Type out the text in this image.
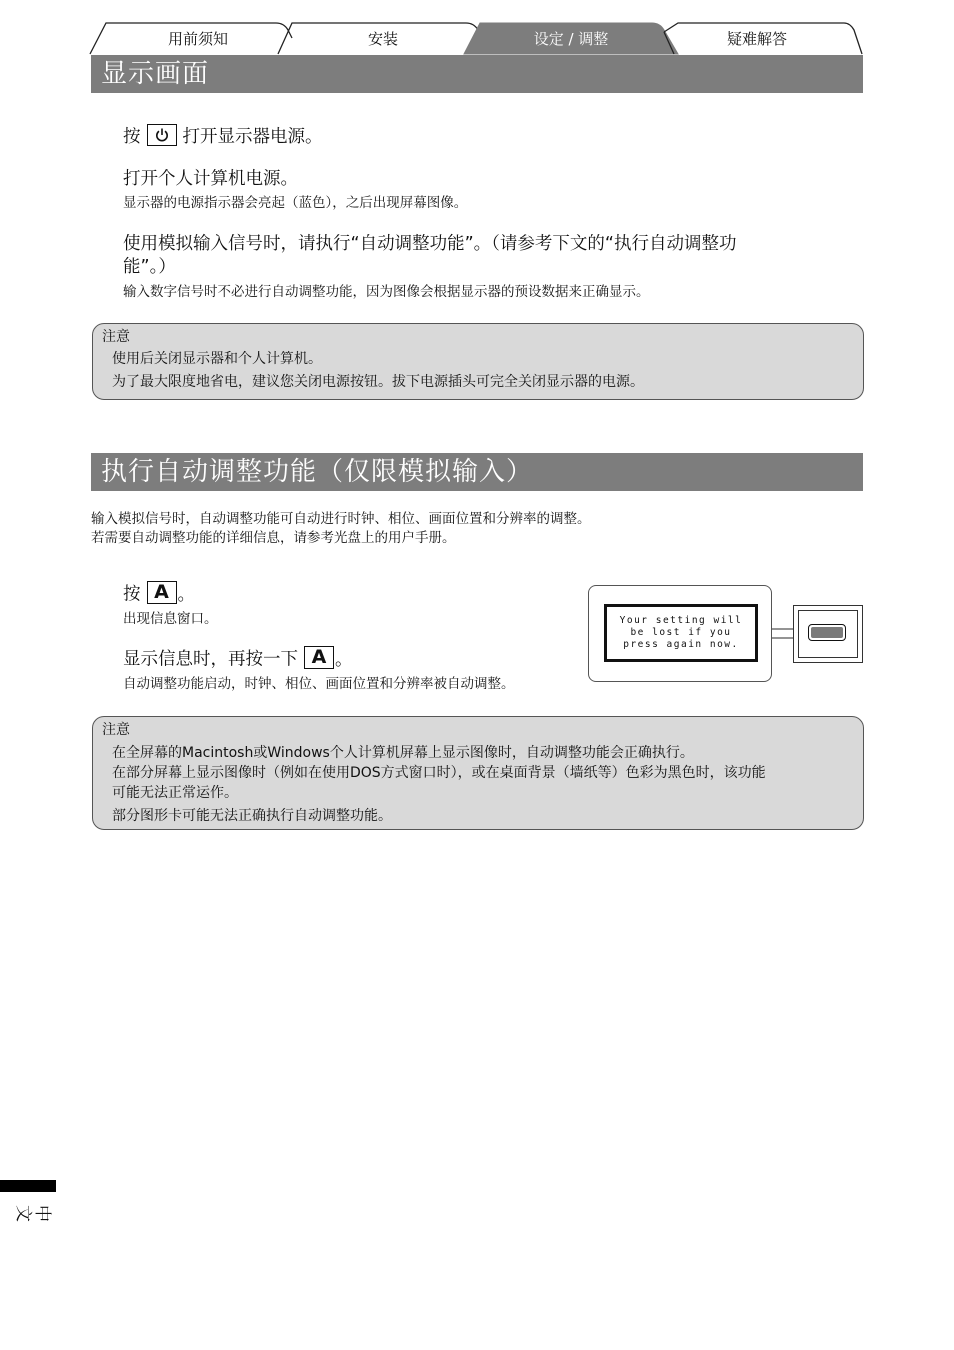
用前须知	安装	设定 / 调整	疑难解答
显示画面
按 打开显示器电源。
打开个人计算机电源。
显示器的电源指示器会亮起（蓝色），之后出现屏幕图像。
使用模拟输入信号时，请执行“自动调整功能”。（请参考下文的“执行自动调整功
能”。）
输入数字信号时不必进行自动调整功能，因为图像会根据显示器的预设数据来正确显示。
注意
使用后关闭显示器和个人计算机。
为了最大限度地省电，建议您关闭电源按钮。拔下电源插头可完全关闭显示器的电源。
执行自动调整功能（仅限模拟输入）
输入模拟信号时，自动调整功能可自动进行时钟、相位、画面位置和分辨率的调整。
若需要自动调整功能的详细信息，请参考光盘上的用户手册。
按 A 。
出现信息窗口。
显示信息时，再按一下 A 。
自动调整功能启动，时钟、相位、画面位置和分辨率被自动调整。
Your setting will
be lost if you
press again now.
注意
在全屏幕的Macintosh或Windows个人计算机屏幕上显示图像时，自动调整功能会正确执行。
在部分屏幕上显示图像时（例如在使用DOS方式窗口时），或在桌面背景（墙纸等）色彩为黑色时，该功能
可能无法正常运作。
部分图形卡可能无法正确执行自动调整功能。
中文
